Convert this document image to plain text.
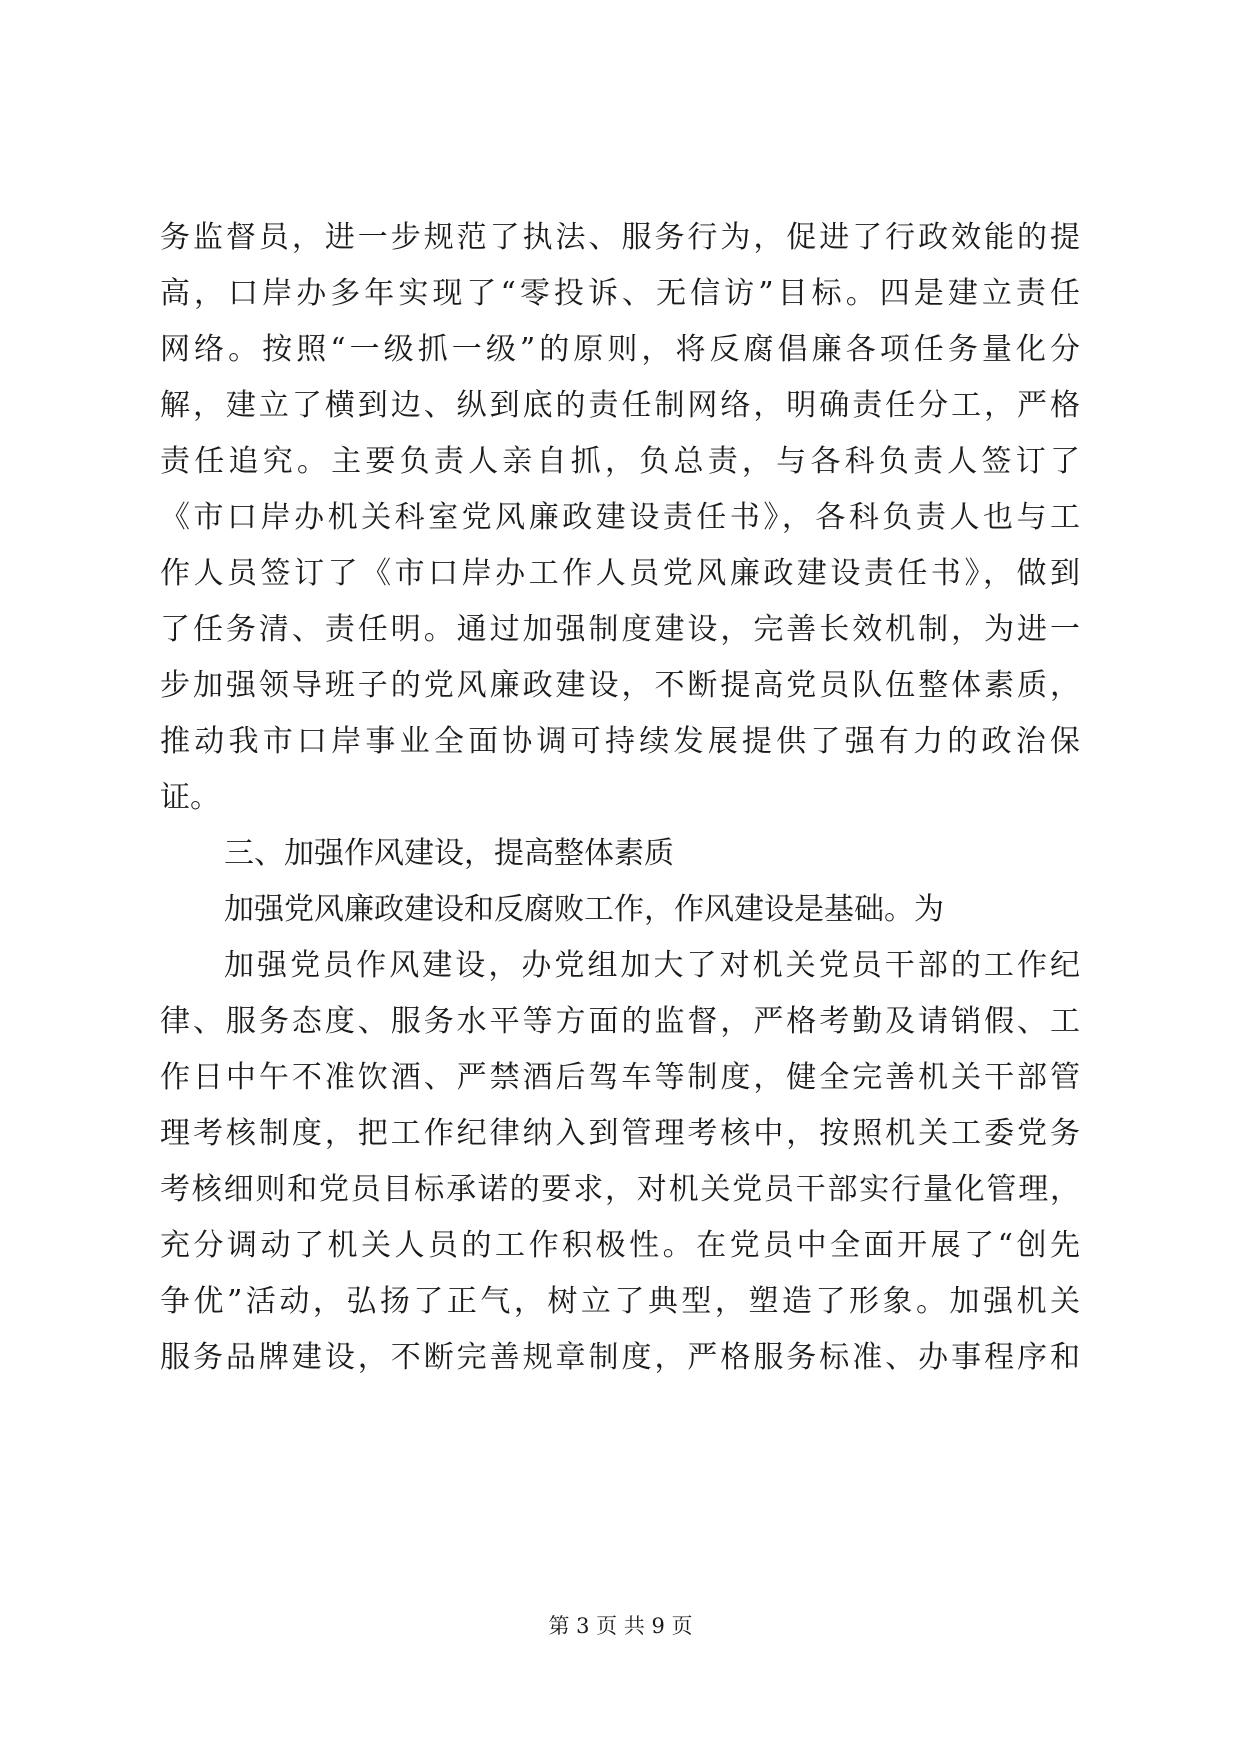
务监督员，进一步规范了执法、服务行为，促进了行政效能的提
高，口岸办多年实现了“零投诉、无信访”目标。四是建立责任
网络。按照“一级抓一级”的原则，将反腐倡廉各项任务量化分
解，建立了横到边、纵到底的责任制网络，明确责任分工，严格
责任追究。主要负责人亲自抓，负总责，与各科负责人签订了
《市口岸办机关科室党风廉政建设责任书》，各科负责人也与工
作人员签订了《市口岸办工作人员党风廉政建设责任书》，做到
了任务清、责任明。通过加强制度建设，完善长效机制，为进一
步加强领导班子的党风廉政建设，不断提高党员队伍整体素质，
推动我市口岸事业全面协调可持续发展提供了强有力的政治保
证。
三、加强作风建设，提高整体素质
加强党风廉政建设和反腐败工作，作风建设是基础。为
加强党员作风建设，办党组加大了对机关党员干部的工作纪
律、服务态度、服务水平等方面的监督，严格考勤及请销假、工
作日中午不准饮酒、严禁酒后驾车等制度，健全完善机关干部管
理考核制度，把工作纪律纳入到管理考核中，按照机关工委党务
考核细则和党员目标承诺的要求，对机关党员干部实行量化管理，
充分调动了机关人员的工作积极性。在党员中全面开展了“创先
争优”活动，弘扬了正气，树立了典型，塑造了形象。加强机关
服务品牌建设，不断完善规章制度，严格服务标准、办事程序和
第 3 页 共 9 页
